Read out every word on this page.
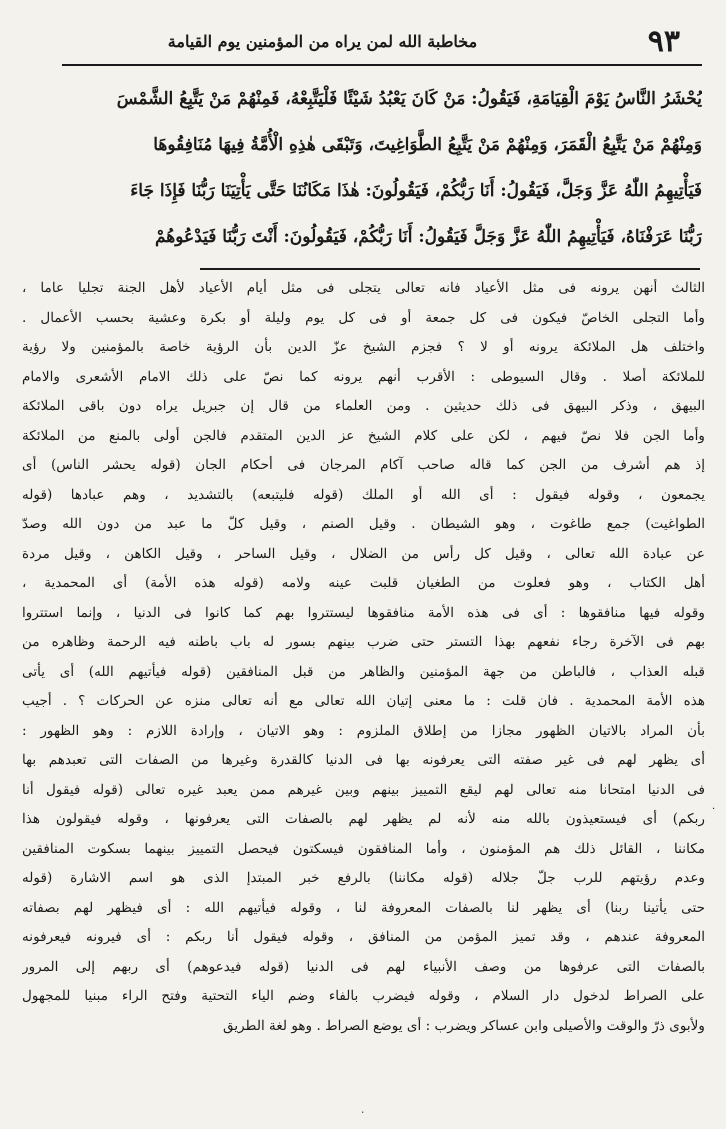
٩٣
مخاطبة الله لمن يراه من المؤمنين يوم القيامة
يُحْشَرُ النَّاسُ يَوْمَ الْقِيَامَةِ، فَيَقُولُ: مَنْ كَانَ يَعْبُدُ شَيْئًا فَلْيَتَّبِعْهُ، فَمِنْهُمْ مَنْ يَتَّبِعُ الشَّمْسَ
وَمِنْهُمْ مَنْ يَتَّبِعُ الْقَمَرَ، وَمِنْهُمْ مَنْ يَتَّبِعُ الطَّوَاغِيتَ، وَتَبْقَى هٰذِهِ الْأُمَّةُ فِيهَا مُنَافِقُوهَا
فَيَأْتِيهِمُ اللّٰهُ عَزَّ وَجَلَّ، فَيَقُولُ: أَنَا رَبُّكُمْ، فَيَقُولُونَ: هٰذَا مَكَانُنَا حَتَّى يَأْتِيَنَا رَبُّنَا فَإِذَا جَاءَ
رَبُّنَا عَرَفْنَاهُ، فَيَأْتِيهِمُ اللّٰهُ عَزَّ وَجَلَّ فَيَقُولُ: أَنَا رَبُّكُمْ، فَيَقُولُونَ: أَنْتَ رَبُّنَا فَيَدْعُوهُمْ
الثالث أنهن يرونه فى مثل الأعياد فانه تعالى يتجلى فى مثل أيام الأعياد لأهل الجنة تجليا عاما ،
وأما التجلى الخاصّ فيكون فى كل جمعة أو فى كل يوم وليلة أو بكرة وعشية بحسب الأعمال .
واختلف هل الملائكة يرونه أو لا ؟ فجزم الشيخ عزّ الدين بأن الرؤية خاصة بالمؤمنين ولا رؤية
للملائكة أصلا . وقال السيوطى : الأقرب أنهم يرونه كما نصّ على ذلك الامام الأشعرى والامام
البيهق ، وذكر البيهق فى ذلك حديثين . ومن العلماء من قال إن جبريل يراه دون باقى الملائكة
وأما الجن فلا نصّ فيهم ، لكن على كلام الشيخ عز الدين المتقدم فالجن أولى بالمنع من الملائكة
إذ هم أشرف من الجن كما قاله صاحب آكام المرجان فى أحكام الجان (قوله يحشر الناس) أى
يجمعون ، وقوله فيقول : أى الله أو الملك (قوله فليتبعه) بالتشديد ، وهم عبادها (قوله
الطواغيت) جمع طاغوت ، وهو الشيطان . وقيل الصنم ، وقيل كلّ ما عبد من دون الله وصدّ
عن عبادة الله تعالى ، وقيل كل رأس من الضلال ، وقيل الساحر ، وقيل الكاهن ، وقيل مردة
أهل الكتاب ، وهو فعلوت من الطغيان قلبت عينه ولامه (قوله هذه الأمة) أى المحمدية ،
وقوله فيها منافقوها : أى فى هذه الأمة منافقوها ليستتروا بهم كما كانوا فى الدنيا ، وإنما استتروا
بهم فى الآخرة رجاء نفعهم بهذا التستر حتى ضرب بينهم بسور له باب باطنه فيه الرحمة وظاهره من
قبله العذاب ، فالباطن من جهة المؤمنين والظاهر من قبل المنافقين (قوله فيأتيهم الله) أى يأتى
هذه الأمة المحمدية . فان قلت : ما معنى إتيان الله تعالى مع أنه تعالى منزه عن الحركات ؟ . أجيب
بأن المراد بالاتيان الظهور مجازا من إطلاق الملزوم : وهو الاتيان ، وإرادة اللازم : وهو الظهور :
أى يظهر لهم فى غير صفته التى يعرفونه بها فى الدنيا كالقدرة وغيرها من الصفات التى تعبدهم بها
فى الدنيا امتحانا منه تعالى لهم ليقع التمييز بينهم وبين غيرهم ممن يعبد غيره تعالى (قوله فيقول أنا
ربكم) أى فيستعيذون بالله منه لأنه لم يظهر لهم بالصفات التى يعرفونها ، وقوله فيقولون هذا
مكاننا ، القائل ذلك هم المؤمنون ، وأما المنافقون فيسكتون فيحصل التمييز بينهما بسكوت المنافقين
وعدم رؤيتهم للرب جلّ جلاله (قوله مكاننا) بالرفع خبر المبتدإ الذى هو اسم الاشارة (قوله
حتى يأتينا ربنا) أى يظهر لنا بالصفات المعروفة لنا ، وقوله فيأتيهم الله : أى فيظهر لهم بصفاته
المعروفة عندهم ، وقد تميز المؤمن من المنافق ، وقوله فيقول أنا ربكم : أى فيرونه فيعرفونه
بالصفات التى عرفوها من وصف الأنبياء لهم فى الدنيا (قوله فيدعوهم) أى ربهم إلى المرور
على الصراط لدخول دار السلام ، وقوله فيضرب بالفاء وضم الياء التحتية وفتح الراء مبنيا للمجهول
ولأبوى ذرّ والوقت والأصيلى وابن عساكر ويضرب : أى يوضع الصراط . وهو لغة الطريق
·
٠
